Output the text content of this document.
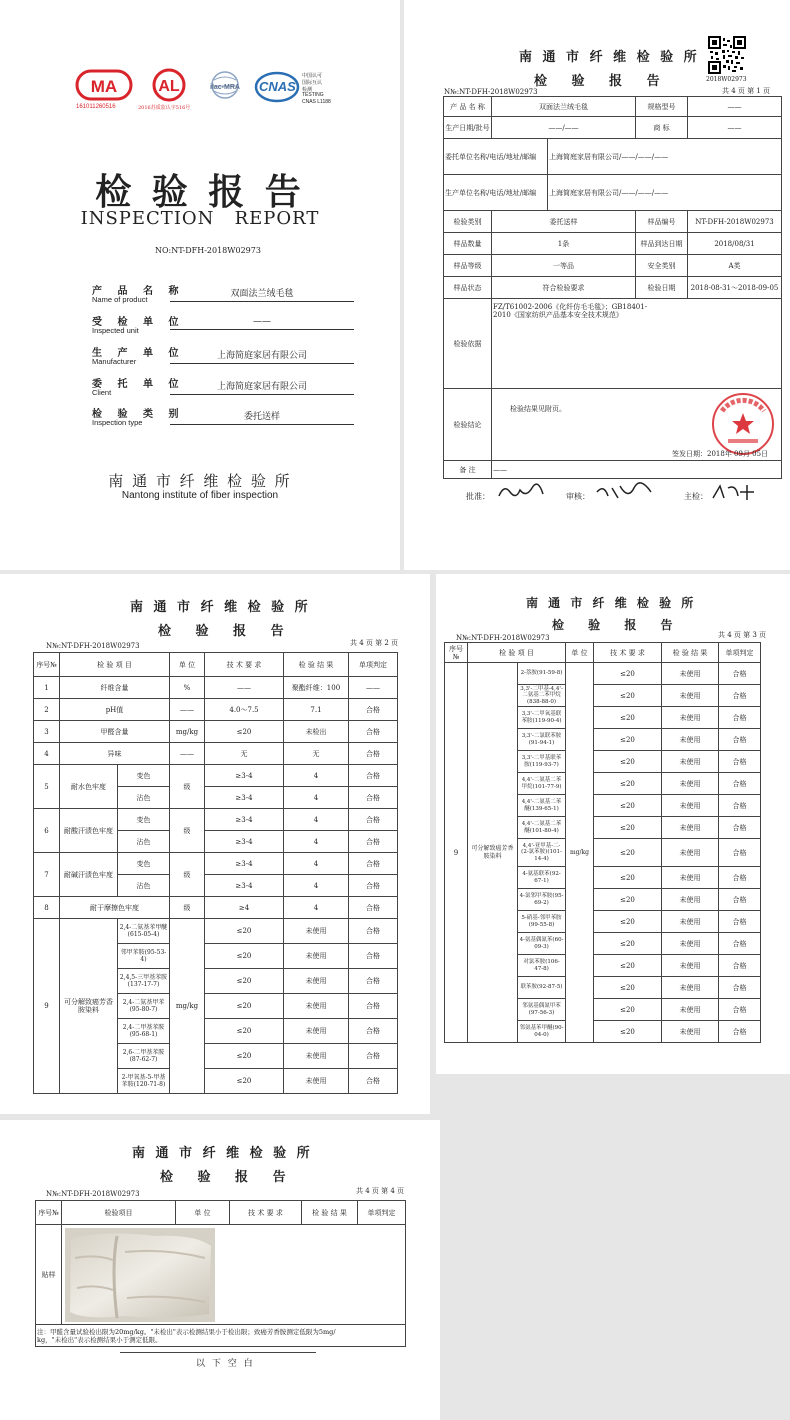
MA
161011260516
AL
2016苏质监认字516号
ilac-MRA CNAS
中国认可
国际互认
检测
TESTING
CNAS L1188
检 验 报 告
INSPECTION   REPORT
NO:NT-DFH-2018W02973
产 品 名 称
Name of product
双面法兰绒毛毯
受 检 单 位
Inspected unit
——
生 产 单 位
Manufacturer
上海简庭家居有限公司
委 托 单 位
Client
上海简庭家居有限公司
检 验 类 别
Inspection type
委托送样
南 通 市 纤 维 检 验 所
Nantong institute of fiber inspection
南 通 市 纤 维 检 验 所
检 验 报 告	2018W02973
N№:NT-DFH-2018W02973	共 4 页 第 1 页
产 品 名 称	双面法兰绒毛毯		规格型号	——
生产日期/批号	——/——		商 标	——
委托单位名称/电话/地址/邮编		上海简庭家居有限公司/——/——/——		
生产单位名称/电话/地址/邮编		上海简庭家居有限公司/——/——/——		
检验类别	委托送样		样品编号	NT-DFH-2018W02973
样品数量	1条		样品到达日期	2018/08/31
样品等级	一等品		安全类别	A类
样品状态	符合检验要求		检验日期	2018-08-31～2018-09-05
检验依据	FZ/T61002-2006《化纤仿毛毛毯》；GB18401-
2010《国家纺织产品基本安全技术规范》			

检验结论	检验结果见附页。
签发日期：2018年 09月 05日			

备 注	——			
批准：	审核：	主检：
南 通 市 纤 维 检 验 所
检 验 报 告
N№:NT-DFH-2018W02973	共 4 页 第 2 页
序号№	检 验 项 目		单 位	技 术 要 求	检 验 结 果	单项判定
1	纤维含量		%	——	聚酯纤维：100	——
2	pH值		——	4.0～7.5	7.1	合格
3	甲醛含量		mg/kg	≤20	未检出	合格
4	异味		——	无	无	合格
5	耐水色牢度	变色	级	≥3-4	4	合格
		沾色		≥3-4	4	合格
6	耐酸汗渍色牢度	变色	级	≥3-4	4	合格
		沾色		≥3-4	4	合格
7	耐碱汗渍色牢度	变色	级	≥3-4	4	合格
		沾色		≥3-4	4	合格
8	耐干摩擦色牢度		级	≥4	4	合格
9	可分解致癌芳香胺染料	2,4-二氨基苯甲醚(615-05-4)	mg/kg	≤20	未使用	合格
		邻甲苯胺(95-53-4)		≤20	未使用	合格
		2,4,5-三甲基苯胺(137-17-7)		≤20	未使用	合格
		2,4-二氨基甲苯(95-80-7)		≤20	未使用	合格
		2,4-二甲基苯胺(95-68-1)		≤20	未使用	合格
		2,6-二甲基苯胺(87-62-7)		≤20	未使用	合格
		2-甲氧基-5-甲基苯胺(120-71-8)		≤20	未使用	合格
南 通 市 纤 维 检 验 所
检 验 报 告
N№:NT-DFH-2018W02973	共 4 页 第 3 页
序号№	检 验 项 目		单 位	技 术 要 求	检 验 结 果	单项判定
9	可分解致癌芳香胺染料	2-萘胺(91-59-8)	mg/kg	≤20	未使用	合格
		3,3'-二甲基-4,4'-二氨基二苯甲烷(838-88-0)		≤20	未使用	合格
		3,3'-二甲氧基联苯胺(119-90-4)		≤20	未使用	合格
		3,3'-二氯联苯胺(91-94-1)		≤20	未使用	合格
		3,3'-二甲基联苯胺(119-93-7)		≤20	未使用	合格
		4,4'-二氨基二苯甲烷(101-77-9)		≤20	未使用	合格
		4,4'-二氨基二苯醚(139-65-1)		≤20	未使用	合格
		4,4'-二氨基二苯醚(101-80-4)		≤20	未使用	合格
		4,4'-亚甲基-二-(2-氯苯胺)(101-14-4)		≤20	未使用	合格
		4-氨基联苯(92-67-1)		≤20	未使用	合格
		4-氯邻甲苯胺(95-69-2)		≤20	未使用	合格
		5-硝基-邻甲苯胺(99-55-8)		≤20	未使用	合格
		4-氨基偶氮苯(60-09-3)		≤20	未使用	合格
		对氯苯胺(106-47-8)		≤20	未使用	合格
		联苯胺(92-87-5)		≤20	未使用	合格
		邻氨基偶氮甲苯(97-56-3)		≤20	未使用	合格
		邻氨基苯甲醚(90-04-0)		≤20	未使用	合格
南 通 市 纤 维 检 验 所
检 验 报 告
N№:NT-DFH-2018W02973	共 4 页 第 4 页
序号№	检验项目	单 位	技 术 要 求	检 验 结 果	单项判定
贴样	

注：甲醛含量试验检出限为20mg/kg。"未检出"表示检测结果小于检出限；致癌芳香胺测定低限为5mg/
kg，"未检出"表示检测结果小于测定低限。					
以 下 空 白
